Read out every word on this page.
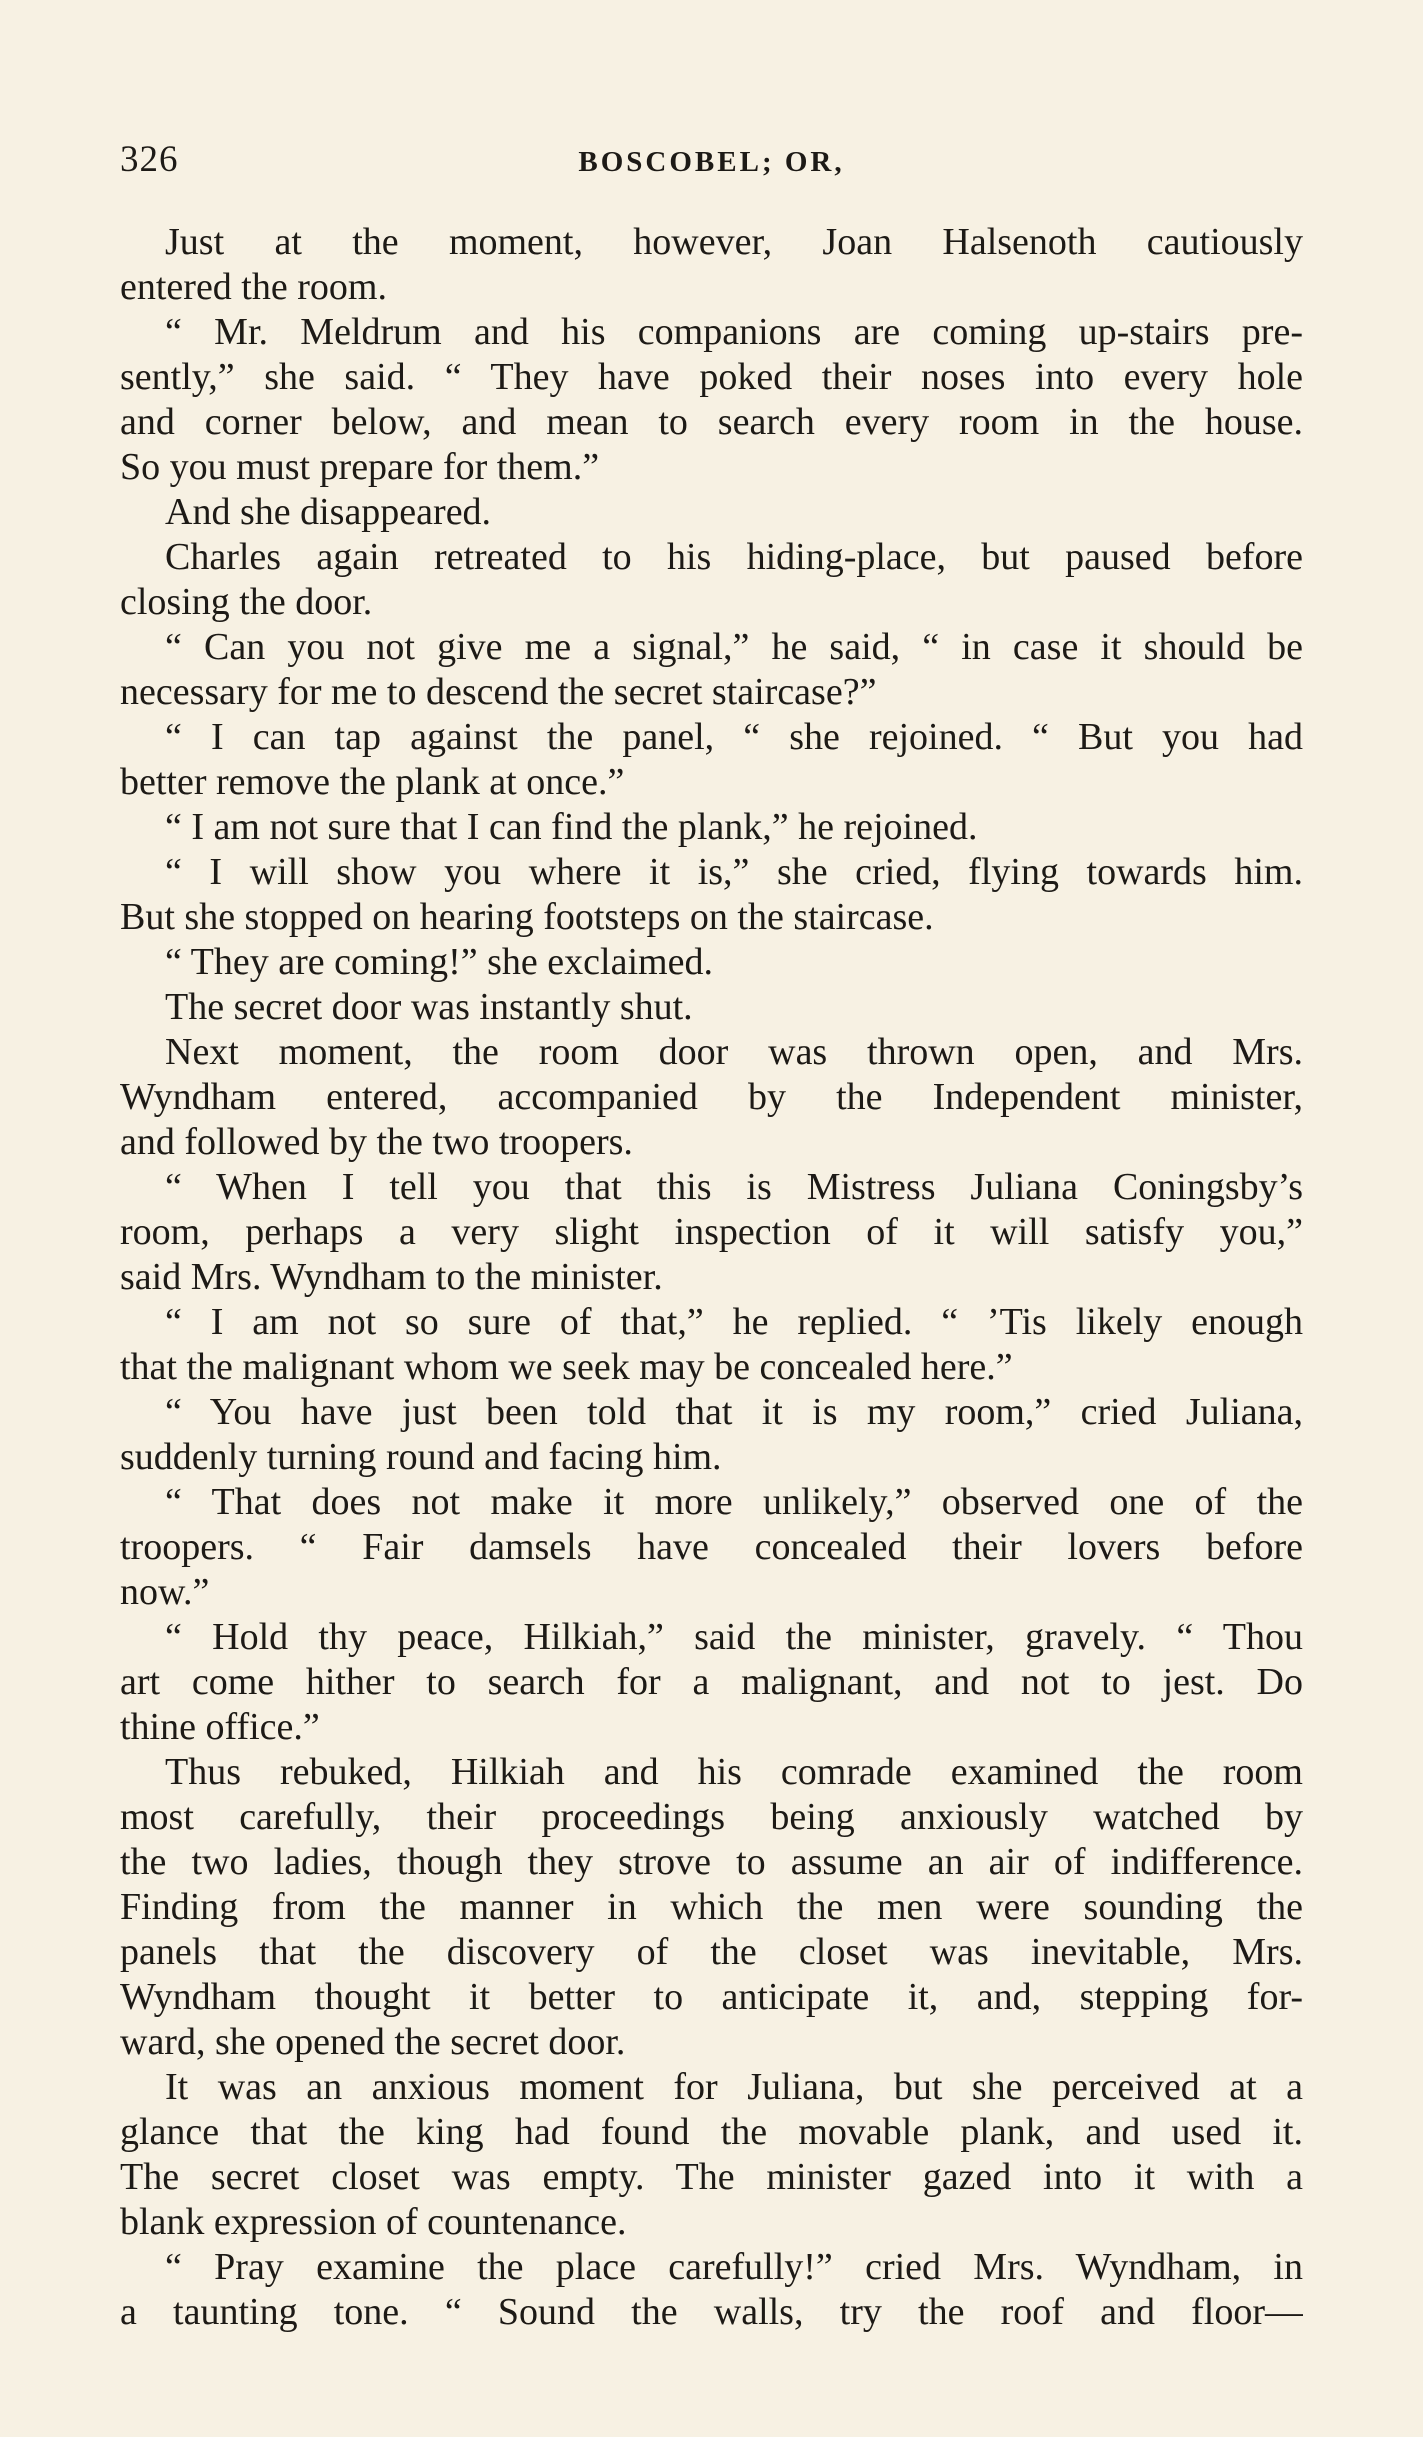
326	BOSCOBEL; OR,
Just at the moment, however, Joan Halsenoth cautiously
entered the room.
“ Mr. Meldrum and his companions are coming up-stairs pre-
sently,” she said. “ They have poked their noses into every hole
and corner below, and mean to search every room in the house.
So you must prepare for them.”
And she disappeared.
Charles again retreated to his hiding-place, but paused before
closing the door.
“ Can you not give me a signal,” he said, “ in case it should be
necessary for me to descend the secret staircase?”
“ I can tap against the panel, “ she rejoined. “ But you had
better remove the plank at once.”
“ I am not sure that I can find the plank,” he rejoined.
“ I will show you where it is,” she cried, flying towards him.
But she stopped on hearing footsteps on the staircase.
“ They are coming!” she exclaimed.
The secret door was instantly shut.
Next moment, the room door was thrown open, and Mrs.
Wyndham entered, accompanied by the Independent minister,
and followed by the two troopers.
“ When I tell you that this is Mistress Juliana Coningsby’s
room, perhaps a very slight inspection of it will satisfy you,”
said Mrs. Wyndham to the minister.
“ I am not so sure of that,” he replied. “ ’Tis likely enough
that the malignant whom we seek may be concealed here.”
“ You have just been told that it is my room,” cried Juliana,
suddenly turning round and facing him.
“ That does not make it more unlikely,” observed one of the
troopers. “ Fair damsels have concealed their lovers before
now.”
“ Hold thy peace, Hilkiah,” said the minister, gravely. “ Thou
art come hither to search for a malignant, and not to jest. Do
thine office.”
Thus rebuked, Hilkiah and his comrade examined the room
most carefully, their proceedings being anxiously watched by
the two ladies, though they strove to assume an air of indifference.
Finding from the manner in which the men were sounding the
panels that the discovery of the closet was inevitable, Mrs.
Wyndham thought it better to anticipate it, and, stepping for-
ward, she opened the secret door.
It was an anxious moment for Juliana, but she perceived at a
glance that the king had found the movable plank, and used it.
The secret closet was empty. The minister gazed into it with a
blank expression of countenance.
“ Pray examine the place carefully!” cried Mrs. Wyndham, in
a taunting tone. “ Sound the walls, try the roof and floor—
